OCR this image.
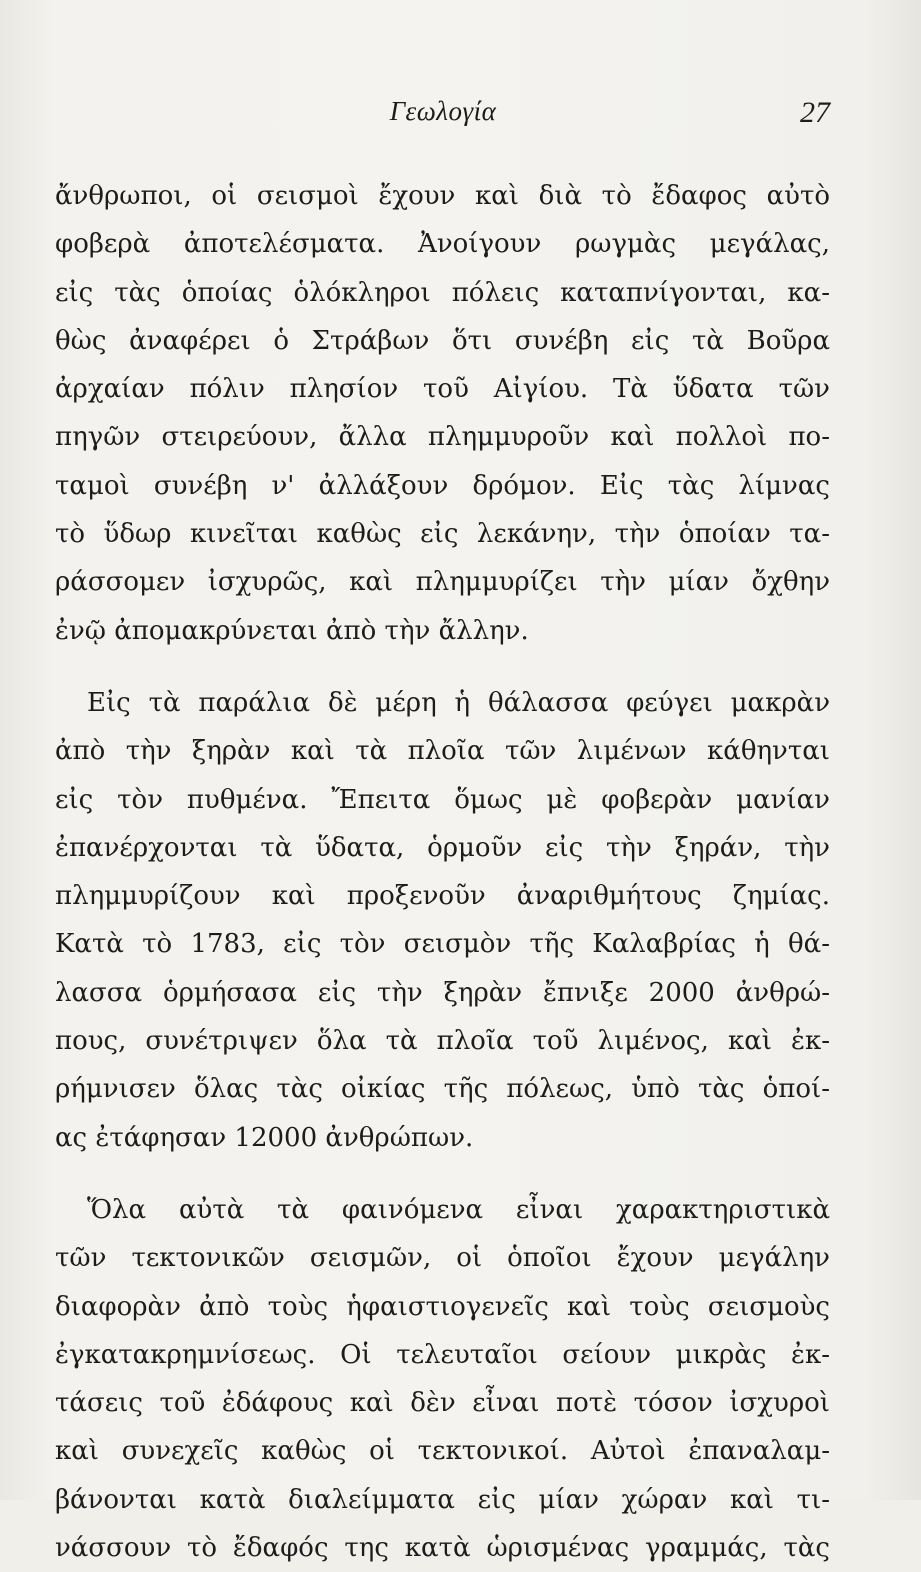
Γεωλογία	27
ἄνθρωποι, οἱ σεισμοὶ ἔχουν καὶ διὰ τὸ ἔδαφος αὐτὸ
φοβερὰ ἀποτελέσματα. Ἀνοίγουν ρωγμὰς μεγάλας,
εἰς τὰς ὁποίας ὁλόκληροι πόλεις καταπνίγονται, κα-
θὼς ἀναφέρει ὁ Στράβων ὅτι συνέβη εἰς τὰ Βοῦρα
ἀρχαίαν πόλιν πλησίον τοῦ Αἰγίου. Τὰ ὕδατα τῶν
πηγῶν στειρεύουν, ἄλλα πλημμυροῦν καὶ πολλοὶ πο-
ταμοὶ συνέβη ν' ἀλλάξουν δρόμον. Εἰς τὰς λίμνας
τὸ ὕδωρ κινεῖται καθὼς εἰς λεκάνην, τὴν ὁποίαν τα-
ράσσομεν ἰσχυρῶς, καὶ πλημμυρίζει τὴν μίαν ὄχθην
ἐνῷ ἀπομακρύνεται ἀπὸ τὴν ἄλλην.
Εἰς τὰ παράλια δὲ μέρη ἡ θάλασσα φεύγει μακρὰν
ἀπὸ τὴν ξηρὰν καὶ τὰ πλοῖα τῶν λιμένων κάθηνται
εἰς τὸν πυθμένα. Ἔπειτα ὅμως μὲ φοβερὰν μανίαν
ἐπανέρχονται τὰ ὕδατα, ὁρμοῦν εἰς τὴν ξηράν, τὴν
πλημμυρίζουν καὶ προξενοῦν ἀναριθμήτους ζημίας.
Κατὰ τὸ 1783, εἰς τὸν σεισμὸν τῆς Καλαβρίας ἡ θά-
λασσα ὁρμήσασα εἰς τὴν ξηρὰν ἔπνιξε 2000 ἀνθρώ-
πους, συνέτριψεν ὅλα τὰ πλοῖα τοῦ λιμένος, καὶ ἐκ-
ρήμνισεν ὅλας τὰς οἰκίας τῆς πόλεως, ὑπὸ τὰς ὁποί-
ας ἐτάφησαν 12000 ἀνθρώπων.
Ὅλα αὐτὰ τὰ φαινόμενα εἶναι χαρακτηριστικὰ
τῶν τεκτονικῶν σεισμῶν, οἱ ὁποῖοι ἔχουν μεγάλην
διαφορὰν ἀπὸ τοὺς ἡφαιστιογενεῖς καὶ τοὺς σεισμοὺς
ἐγκατακρημνίσεως. Οἱ τελευταῖοι σείουν μικρὰς ἐκ-
τάσεις τοῦ ἐδάφους καὶ δὲν εἶναι ποτὲ τόσον ἰσχυροὶ
καὶ συνεχεῖς καθὼς οἱ τεκτονικοί. Αὐτοὶ ἐπαναλαμ-
βάνονται κατὰ διαλείμματα εἰς μίαν χώραν καὶ τι-
νάσσουν τὸ ἔδαφός της κατὰ ὡρισμένας γραμμάς, τὰς
